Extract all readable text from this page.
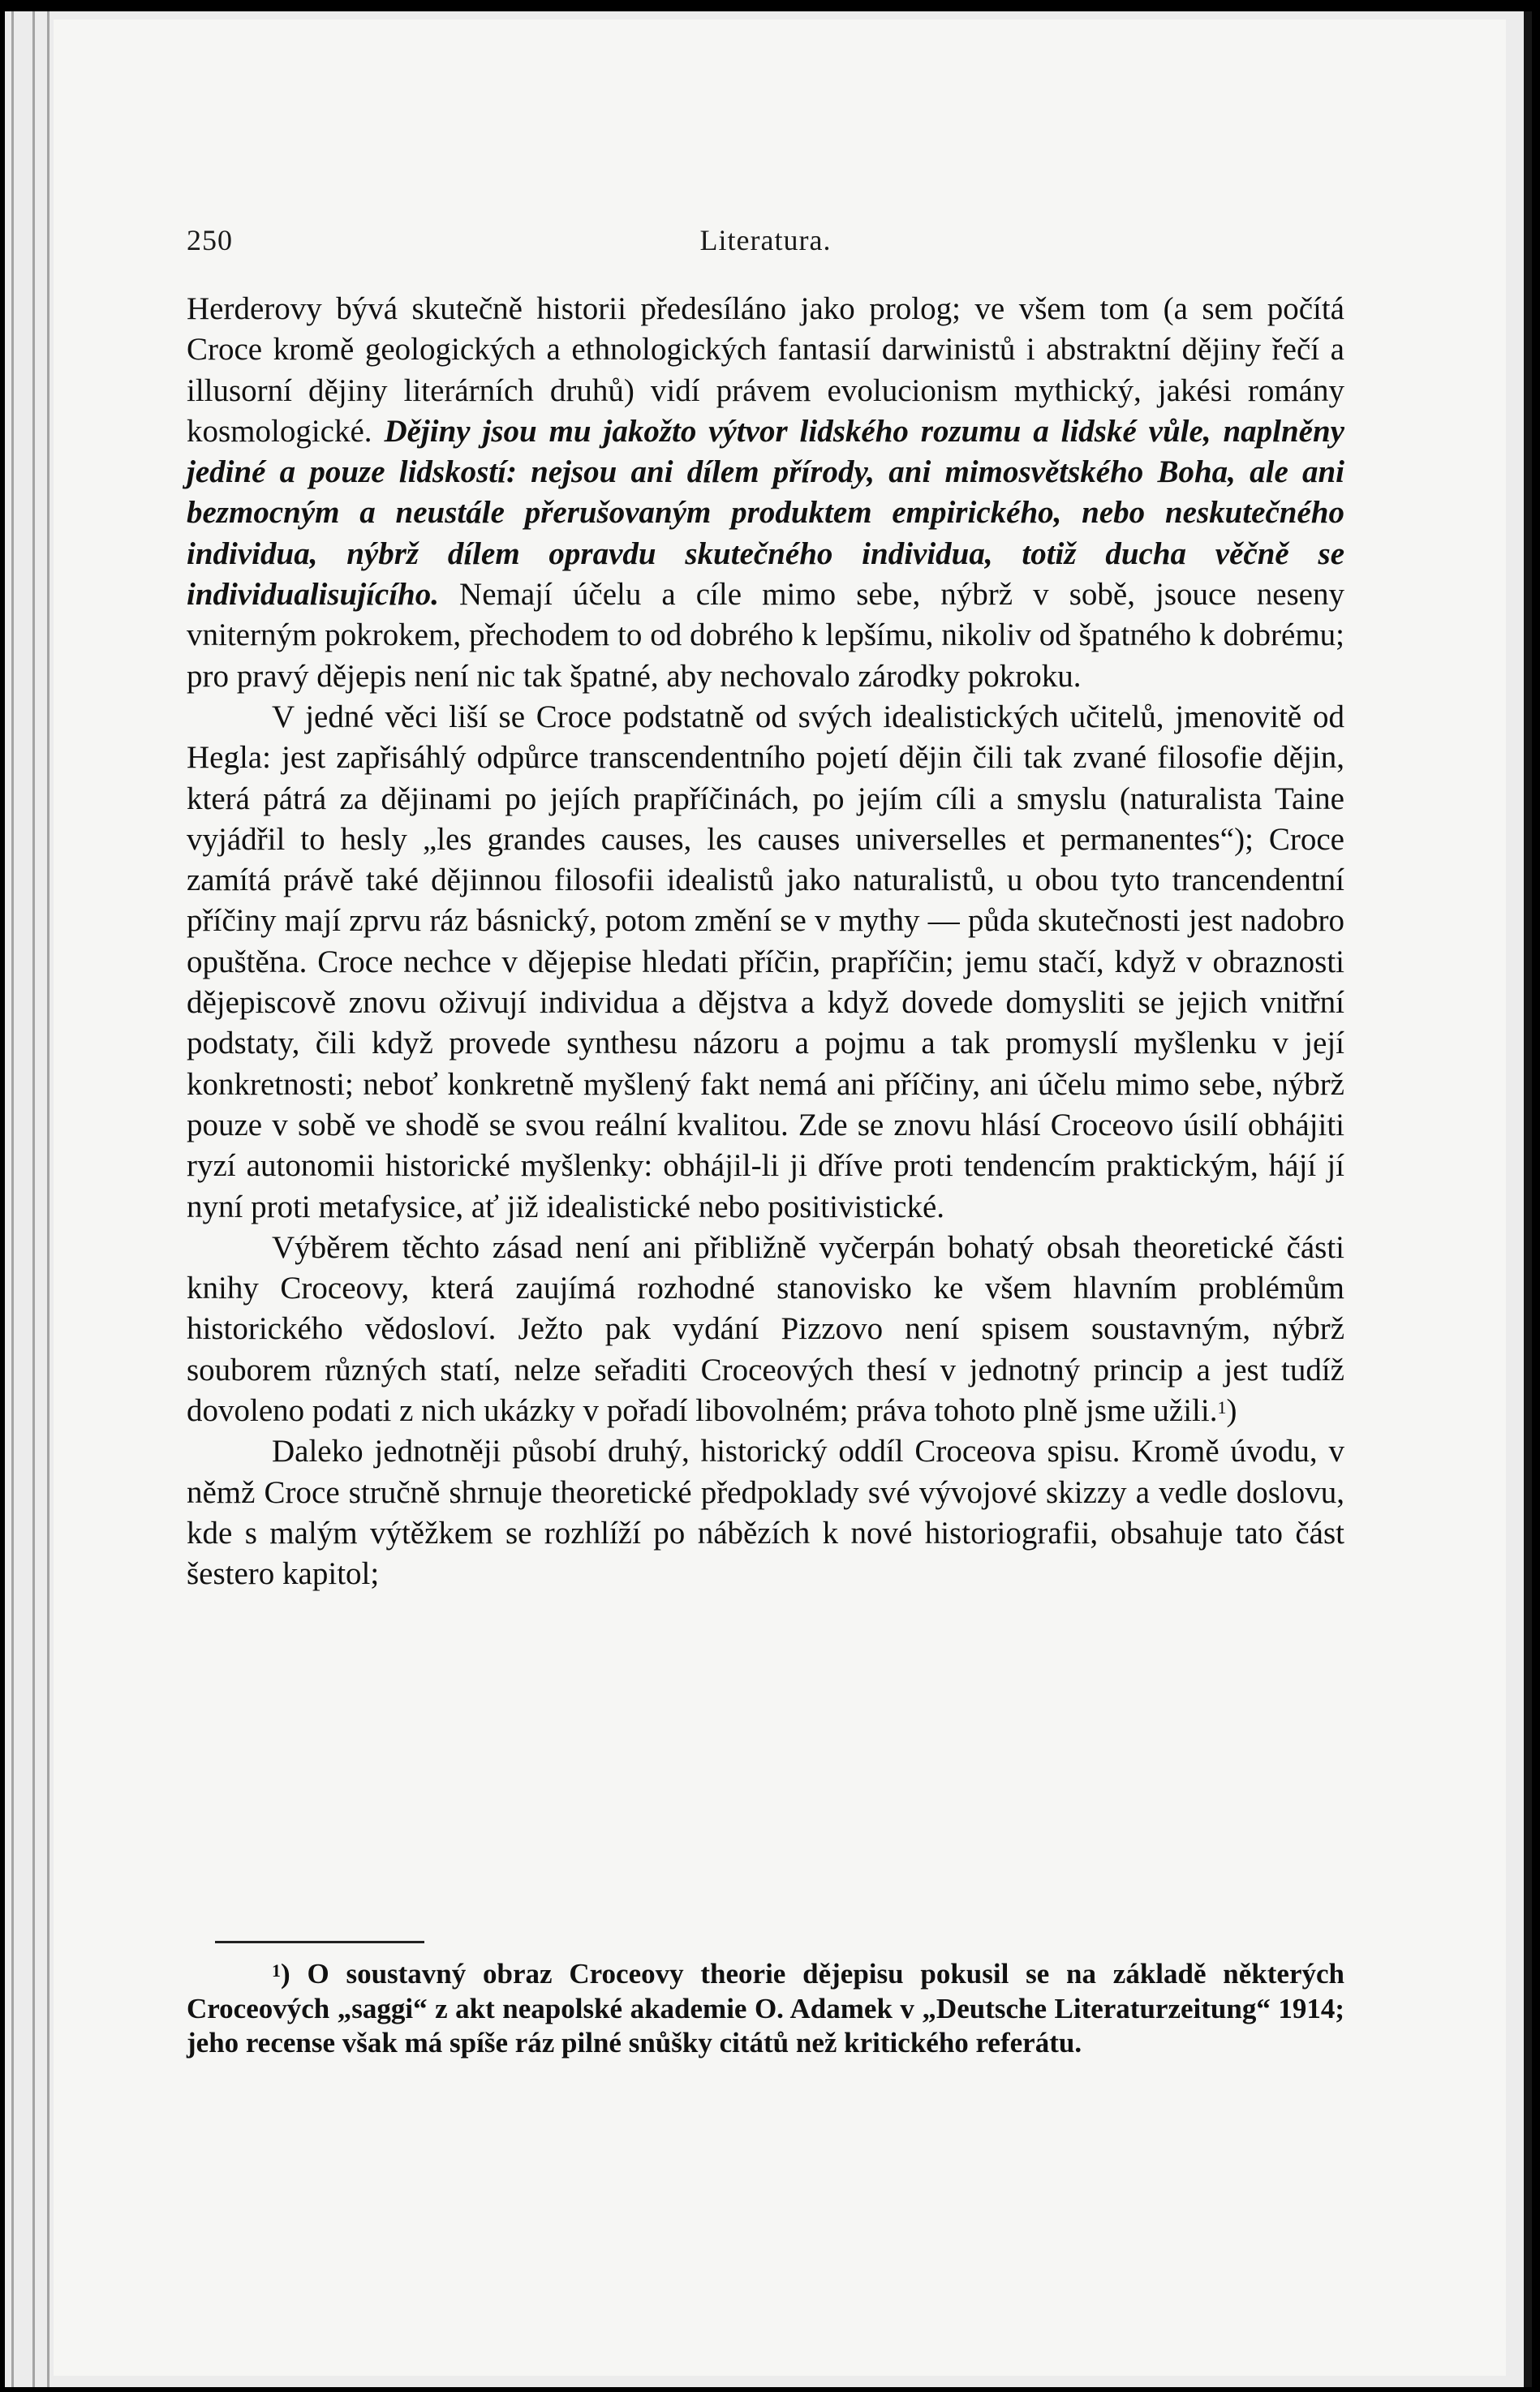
250	Literatura.

Herderovy bývá skutečně historii předesíláno jako prolog; ve všem tom (a sem počítá Croce kromě geologických a ethnologických fantasií darwinistů i abstraktní dějiny řečí a illusorní dějiny literárních druhů) vidí právem evolucionism mythický, jakési romány kosmologické. Dějiny jsou mu jakožto výtvor lidského rozumu a lidské vůle, naplněny jediné a pouze lidskostí: nejsou ani dílem přírody, ani mimosvětského Boha, ale ani bezmocným a neustále přerušovaným produktem empirického, nebo neskutečného individua, nýbrž dílem opravdu skutečného individua, totiž ducha věčně se individualisujícího. Nemají účelu a cíle mimo sebe, nýbrž v sobě, jsouce neseny vniterným pokrokem, přechodem to od dobrého k lepšímu, nikoliv od špatného k dobrému; pro pravý dějepis není nic tak špatné, aby nechovalo zárodky pokroku.

V jedné věci liší se Croce podstatně od svých idealistických učitelů, jmenovitě od Hegla: jest zapřisáhlý odpůrce transcendentního pojetí dějin čili tak zvané filosofie dějin, která pátrá za dějinami po jejích prapříčinách, po jejím cíli a smyslu (naturalista Taine vyjádřil to hesly „les grandes causes, les causes universelles et permanentes“); Croce zamítá právě také dějinnou filosofii idealistů jako naturalistů, u obou tyto trancendentní příčiny mají zprvu ráz básnický, potom změní se v mythy — půda skutečnosti jest nadobro opuštěna. Croce nechce v dějepise hledati příčin, prapříčin; jemu stačí, když v obraznosti dějepiscově znovu oživují individua a dějstva a když dovede domysliti se jejich vnitřní podstaty, čili když provede synthesu názoru a pojmu a tak promyslí myšlenku v její konkretnosti; neboť konkretně myšlený fakt nemá ani příčiny, ani účelu mimo sebe, nýbrž pouze v sobě ve shodě se svou reální kvalitou. Zde se znovu hlásí Croceovo úsilí obhájiti ryzí autonomii historické myšlenky: obhájil-li ji dříve proti tendencím praktickým, hájí jí nyní proti metafysice, ať již idealistické nebo positivistické.

Výběrem těchto zásad není ani přibližně vyčerpán bohatý obsah theoretické části knihy Croceovy, která zaujímá rozhodné stanovisko ke všem hlavním problémům historického vědosloví. Ježto pak vydání Pizzovo není spisem soustavným, nýbrž souborem různých statí, nelze seřaditi Croceových thesí v jednotný princip a jest tudíž dovoleno podati z nich ukázky v pořadí libovolném; práva tohoto plně jsme užili.$^1$)

Daleko jednotněji působí druhý, historický oddíl Croceova spisu. Kromě úvodu, v němž Croce stručně shrnuje theoretické předpoklady své vývojové skizzy a vedle doslovu, kde s malým výtěžkem se rozhlíží po nábězích k nové historiografii, obsahuje tato část šestero kapitol;

$^1$) O soustavný obraz Croceovy theorie dějepisu pokusil se na základě některých Croceových „saggi“ z akt neapolské akademie O. Adamek v „Deutsche Literaturzeitung“ 1914; jeho recense však má spíše ráz pilné snůšky citátů než kritického referátu.
